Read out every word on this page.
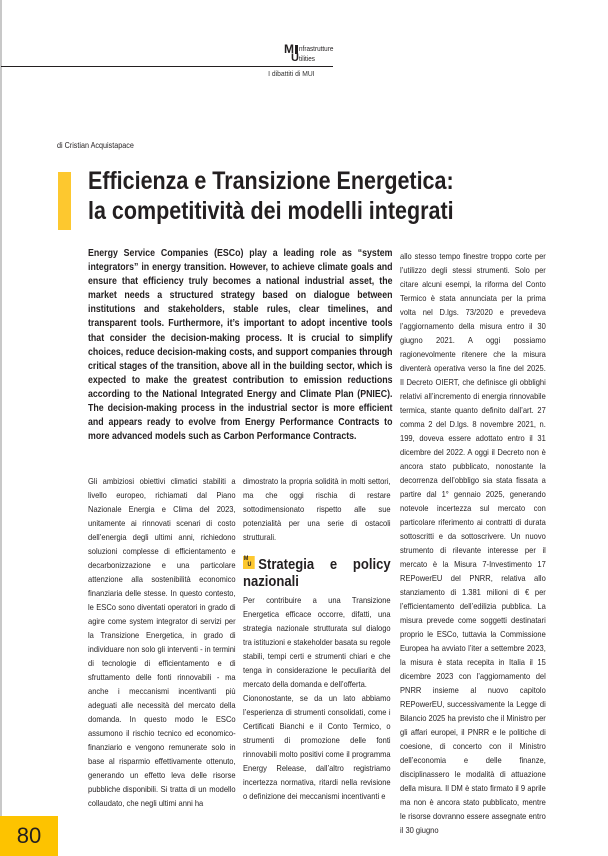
M
U
nfrastrutture
tilities
I dibattiti di MUI
di Cristian Acquistapace
Efficienza e Transizione Energetica:
la competitività dei modelli integrati
Energy Service Companies (ESCo) play a leading role as “system integrators” in energy transition. However, to achieve climate goals and ensure that efficiency truly becomes a national industrial asset, the market needs a structured strategy based on dialogue between institutions and stakeholders, stable rules, clear timelines, and transparent tools. Furthermore, it’s important to adopt incentive tools that consider the decision-making process. It is crucial to simplify choices, reduce decision-making costs, and support companies through critical stages of the transition, above all in the building sector, which is expected to make the greatest contribution to emission reductions according to the National Integrated Energy and Climate Plan (PNIEC). The decision-making process in the industrial sector is more efficient and appears ready to evolve from Energy Performance Contracts to more advanced models such as Carbon Performance Contracts.

Gli ambiziosi obiettivi climatici stabiliti a livello europeo, richiamati dal Piano Nazionale Energia e Clima del 2023, unitamente ai rinnovati scenari di costo dell’energia degli ultimi anni, richiedono soluzioni complesse di efficientamento e decarbonizzazione e una particolare attenzione alla sostenibilità economico finanziaria delle stesse. In questo contesto, le ESCo sono diventati operatori in grado di agire come system integrator di servizi per la Transizione Energetica, in grado di individuare non solo gli interventi - in termini di tecnologie di efficientamento e di sfruttamento delle fonti rinnovabili - ma anche i meccanismi incentivanti più adeguati alle necessità del mercato della domanda. In questo modo le ESCo assumono il rischio tecnico ed economico-finanziario e vengono remunerate solo in base al risparmio effettivamente ottenuto, generando un effetto leva delle risorse pubbliche disponibili. Si tratta di un modello collaudato, che negli ultimi anni ha

dimostrato la propria solidità in molti settori, ma che oggi rischia di restare sottodimensionato rispetto alle sue potenzialità per una serie di ostacoli strutturali.

M
U Strategia e policy nazionali

Per contribuire a una Transizione Energetica efficace occorre, difatti, una strategia nazionale strutturata sul dialogo tra istituzioni e stakeholder basata su regole stabili, tempi certi e strumenti chiari e che tenga in considerazione le peculiarità del mercato della domanda e dell’offerta.

Ciononostante, se da un lato abbiamo l’esperienza di strumenti consolidati, come i Certificati Bianchi e il Conto Termico, o strumenti di promozione delle fonti rinnovabili molto positivi come il programma Energy Release, dall’altro registriamo incertezza normativa, ritardi nella revisione o definizione dei meccanismi incentivanti e

allo stesso tempo finestre troppo corte per l’utilizzo degli stessi strumenti. Solo per citare alcuni esempi, la riforma del Conto Termico è stata annunciata per la prima volta nel D.lgs. 73/2020 e prevedeva l’aggiornamento della misura entro il 30 giugno 2021. A oggi possiamo ragionevolmente ritenere che la misura diventerà operativa verso la fine del 2025. Il Decreto OIERT, che definisce gli obblighi relativi all’incremento di energia rinnovabile termica, stante quanto definito dall’art. 27 comma 2 del D.lgs. 8 novembre 2021, n. 199, doveva essere adottato entro il 31 dicembre del 2022. A oggi il Decreto non è ancora stato pubblicato, nonostante la decorrenza dell’obbligo sia stata fissata a partire dal 1° gennaio 2025, generando notevole incertezza sul mercato con particolare riferimento ai contratti di durata sottoscritti e da sottoscrivere. Un nuovo strumento di rilevante interesse per il mercato è la Misura 7-Investimento 17 REPowerEU del PNRR, relativa allo stanziamento di 1.381 milioni di € per l’efficientamento dell’edilizia pubblica. La misura prevede come soggetti destinatari proprio le ESCo, tuttavia la Commissione Europea ha avviato l’iter a settembre 2023, la misura è stata recepita in Italia il 15 dicembre 2023 con l’aggiornamento del PNRR insieme al nuovo capitolo REPowerEU, successivamente la Legge di Bilancio 2025 ha previsto che il Ministro per gli affari europei, il PNRR e le politiche di coesione, di concerto con il Ministro dell’economia e delle finanze, disciplinassero le modalità di attuazione della misura. Il DM è stato firmato il 9 aprile ma non è ancora stato pubblicato, mentre le risorse dovranno essere assegnate entro il 30 giugno

80
